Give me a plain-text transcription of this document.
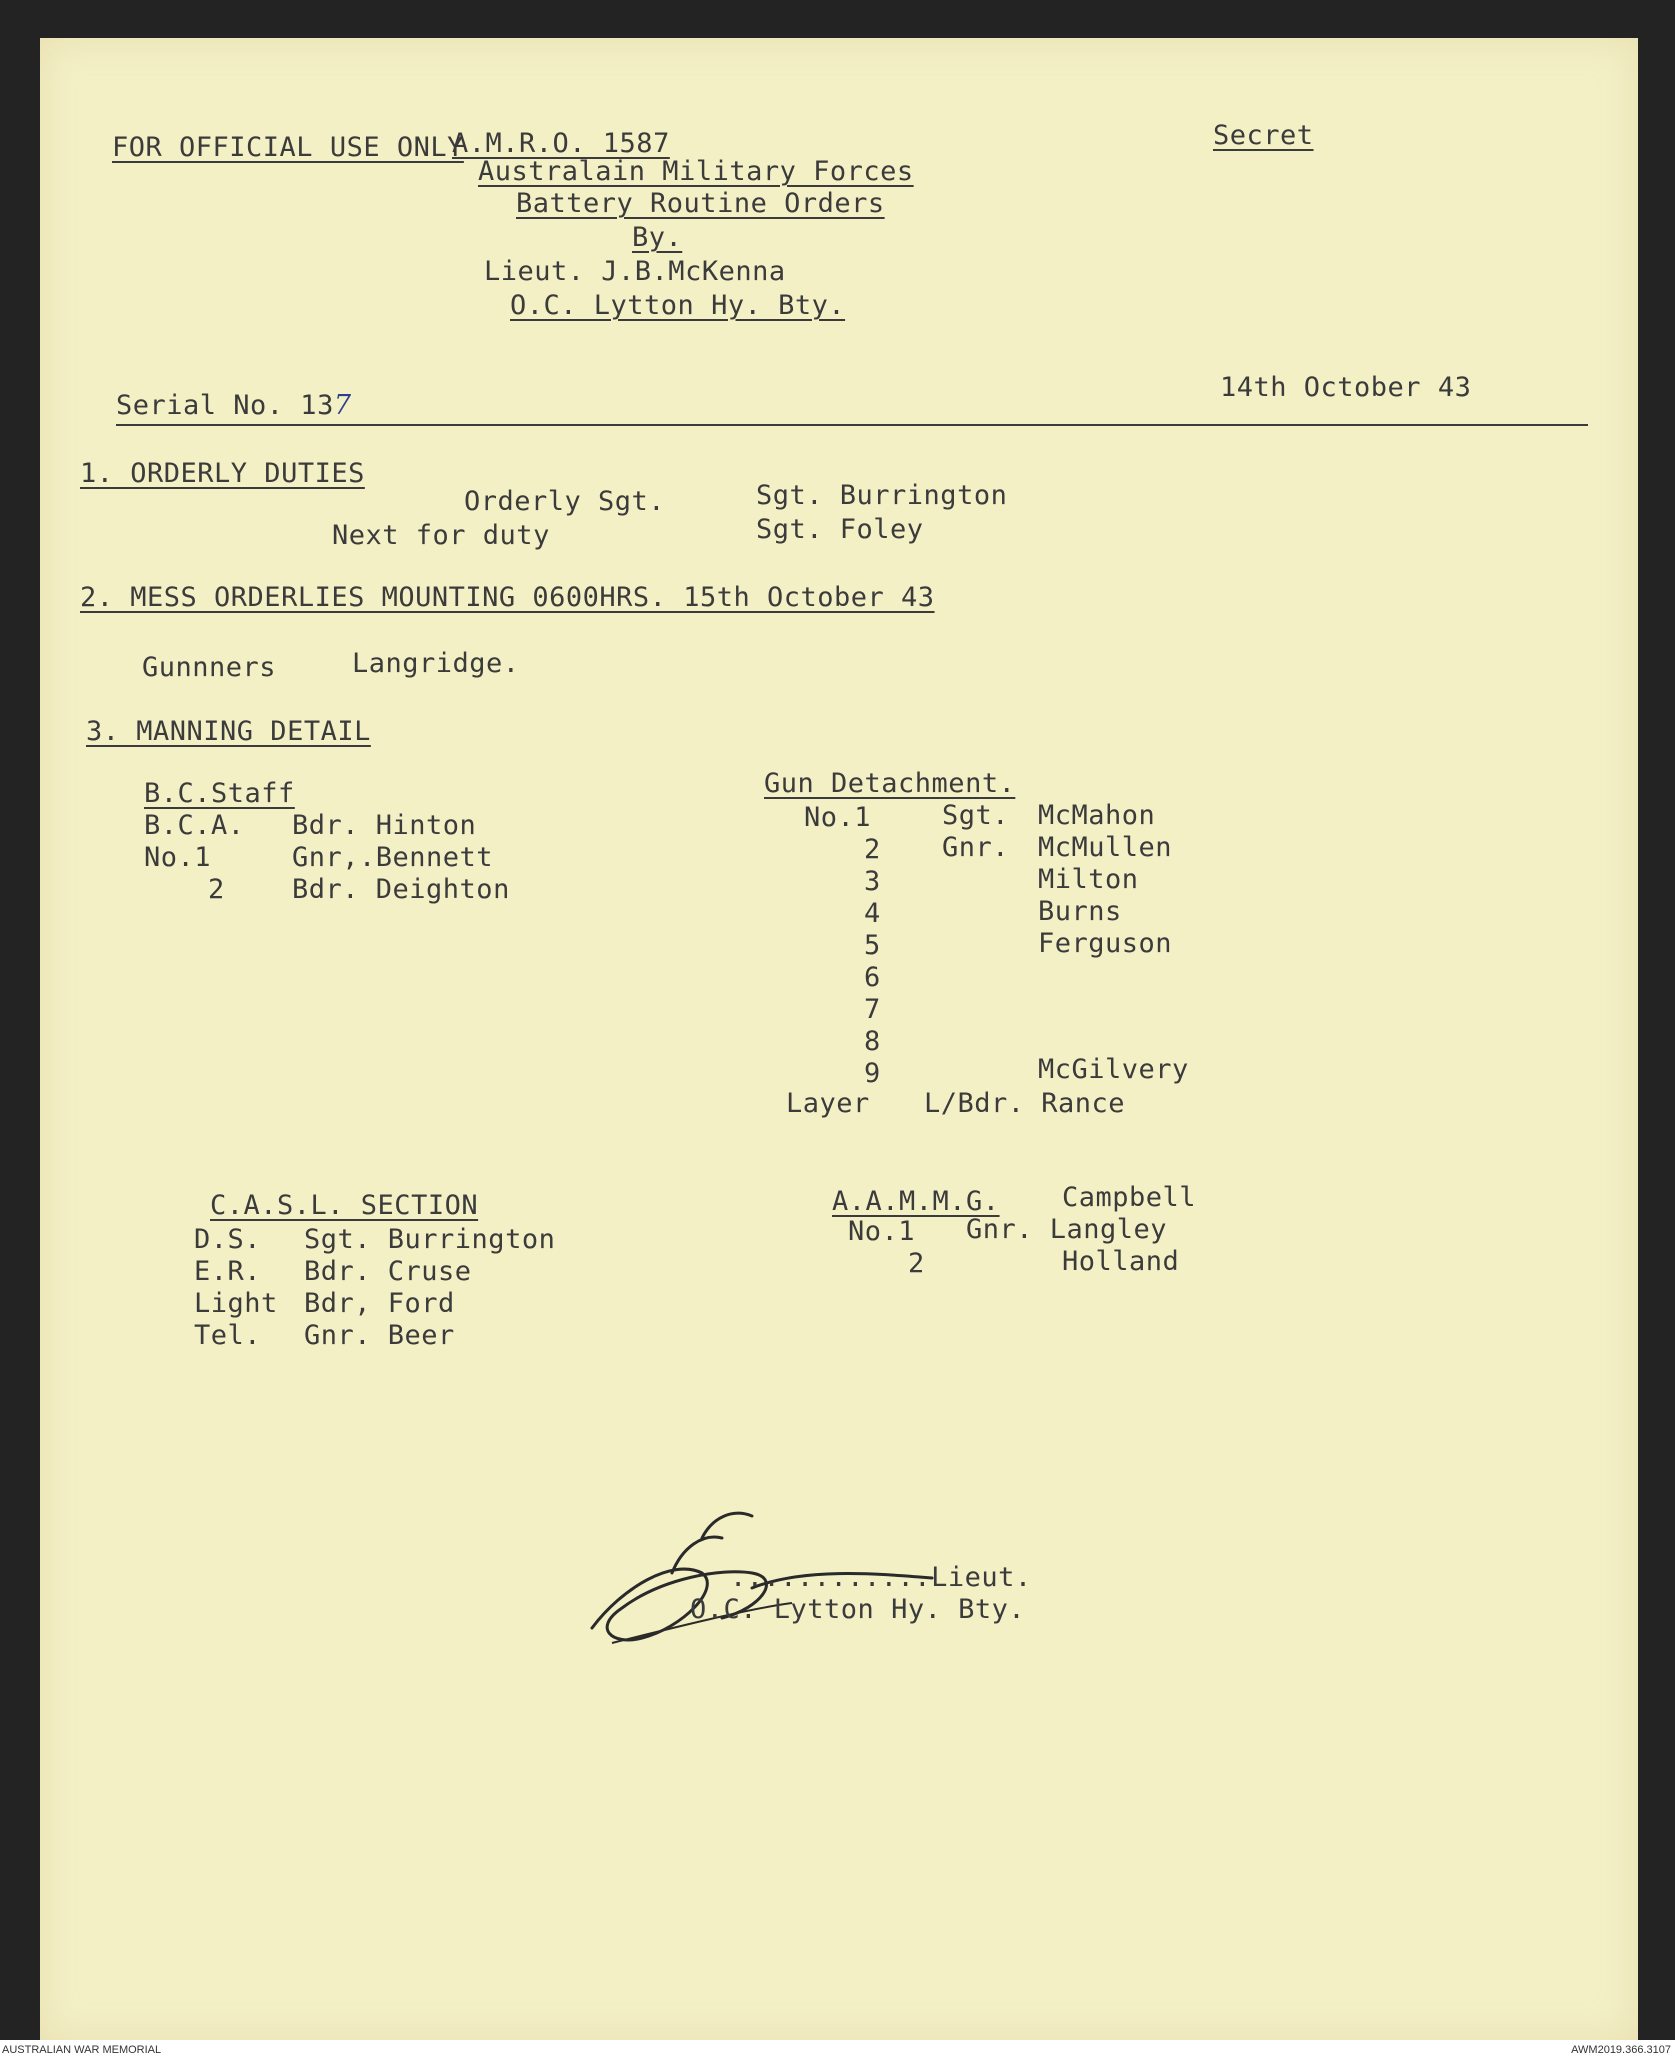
FOR OFFICIAL USE ONLY
A.M.R.O. 1587	Secret
Australain Military Forces
Battery Routine Orders
By.
Lieut. J.B.McKenna
O.C. Lytton Hy. Bty.
Serial No. 137
14th October 43
1. ORDERLY DUTIES
Orderly Sgt.	Sgt. Burrington
Next for duty	Sgt. Foley
2. MESS ORDERLIES MOUNTING 0600HRS. 15th October 43
Gunnners	Langridge.
3. MANNING DETAIL
B.C.Staff
B.C.A. Bdr. Hinton
No.1	Gnr,.Bennett
2 Bdr. Deighton
Gun Detachment.
No.1	Sgt. McMahon
2 Gnr. McMullen
3	Milton
4	Burns
5	Ferguson
6
7
8
9	McGilvery
Layer L/Bdr. Rance
C.A.S.L. SECTION
D.S. Sgt. Burrington
E.R. Bdr. Cruse
Light Bdr, Ford
Tel. Gnr. Beer
A.A.M.M.G. Campbell
No.1 Gnr. Langley
2	Holland
............Lieut.
O.C. Lytton Hy. Bty.
AUSTRALIAN WAR MEMORIAL	AWM2019.366.3107
